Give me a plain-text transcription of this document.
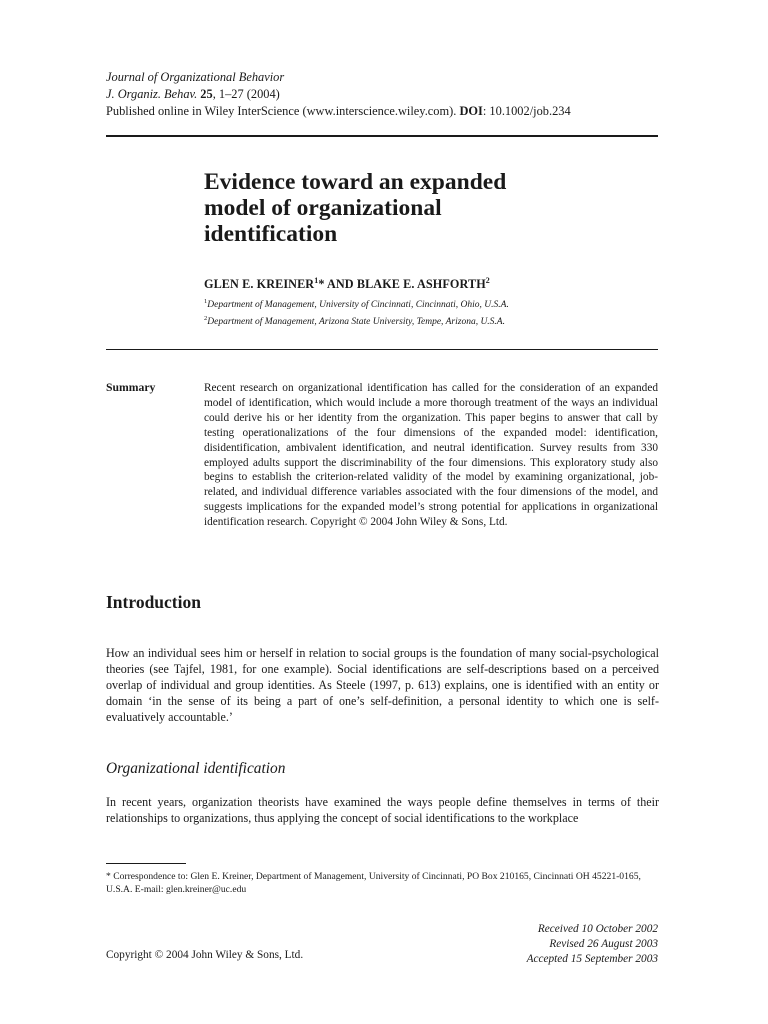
Journal of Organizational Behavior
J. Organiz. Behav. 25, 1–27 (2004)
Published online in Wiley InterScience (www.interscience.wiley.com). DOI: 10.1002/job.234
Evidence toward an expanded
model of organizational
identification

GLEN E. KREINER$^1$* AND BLAKE E. ASHFORTH$^2$

$^1$Department of Management, University of Cincinnati, Cincinnati, Ohio, U.S.A.
$^2$Department of Management, Arizona State University, Tempe, Arizona, U.S.A.
Summary	Recent research on organizational identification has called for the consideration of an expanded model of identification, which would include a more thorough treatment of the ways an individual could derive his or her identity from the organization. This paper begins to answer that call by testing operationalizations of the four dimensions of the expanded model: identification, disidentification, ambivalent identification, and neutral identification. Survey results from 330 employed adults support the discriminability of the four dimensions. This exploratory study also begins to establish the criterion-related validity of the model by examining organizational, job-related, and individual difference variables associated with the four dimensions of the model, and suggests implications for the expanded model’s strong potential for applications in organizational identification research. Copyright © 2004 John Wiley & Sons, Ltd.

Introduction

How an individual sees him or herself in relation to social groups is the foundation of many social-psychological theories (see Tajfel, 1981, for one example). Social identifications are self-descriptions based on a perceived overlap of individual and group identities. As Steele (1997, p. 613) explains, one is identified with an entity or domain ‘in the sense of its being a part of one’s self-definition, a personal identity to which one is self-evaluatively accountable.’

Organizational identification

In recent years, organization theorists have examined the ways people define themselves in terms of their relationships to organizations, thus applying the concept of social identifications to the workplace

* Correspondence to: Glen E. Kreiner, Department of Management, University of Cincinnati, PO Box 210165, Cincinnati OH 45221-0165, U.S.A. E-mail: glen.kreiner@uc.edu

Received 10 October 2002
Revised 26 August 2003
Accepted 15 September 2003
Copyright © 2004 John Wiley & Sons, Ltd.
